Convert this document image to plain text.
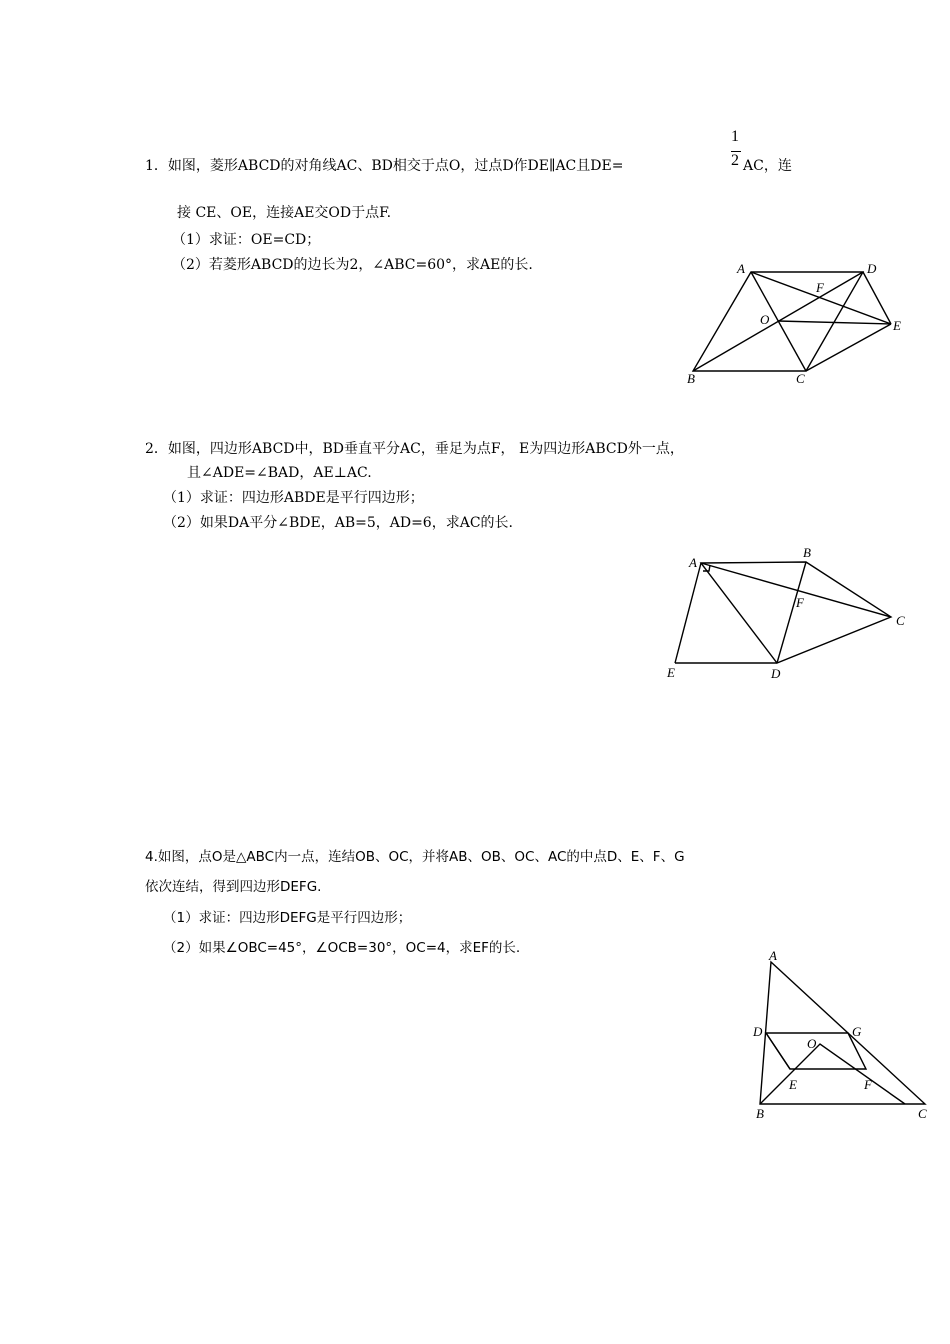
1．如图，菱形ABCD的对角线AC、BD相交于点O，过点D作DE∥AC且DE=
1
2 AC，连
接 CE、OE，连接AE交OD于点F.
（1）求证：OE=CD；
（2）若菱形ABCD的边长为2，∠ABC=60°，求AE的长.	A	D
F
O	E
B	C
2．如图，四边形ABCD中，BD垂直平分AC，垂足为点F， E为四边形ABCD外一点，
且∠ADE=∠BAD，AE⊥AC.
（1）求证：四边形ABDE是平行四边形；
（2）如果DA平分∠BDE，AB=5，AD=6，求AC的长.
A
B
F
C
E	D
4.如图，点O是△ABC内一点，连结OB、OC，并将AB、OB、OC、AC的中点D、E、F、G
依次连结，得到四边形DEFG.
（1）求证：四边形DEFG是平行四边形；
（2）如果∠OBC=45°，∠OCB=30°，OC=4，求EF的长.	A
D	G
O
E	F
B	C
